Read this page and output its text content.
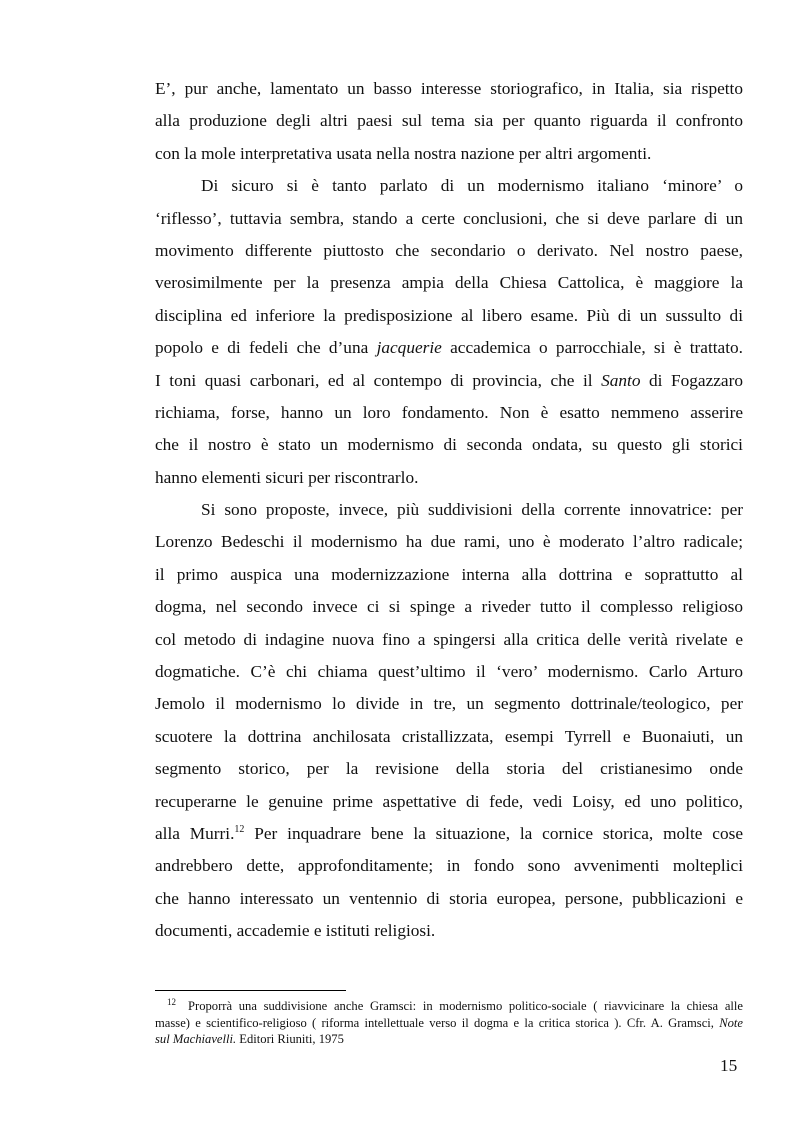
E’, pur anche, lamentato un basso interesse storiografico, in Italia, sia rispetto
alla produzione degli altri paesi sul tema sia per quanto riguarda il confronto
con la mole interpretativa usata nella nostra nazione per altri argomenti.
Di sicuro si è tanto parlato di un modernismo italiano ‘minore’ o
‘riflesso’, tuttavia sembra, stando a certe conclusioni, che si deve parlare di un
movimento differente piuttosto che secondario o derivato. Nel nostro paese,
verosimilmente per la presenza ampia della Chiesa Cattolica, è maggiore la
disciplina ed inferiore la predisposizione al libero esame. Più di un sussulto di
popolo e di fedeli che d’una jacquerie accademica o parrocchiale, si è trattato.
I toni quasi carbonari, ed al contempo di provincia, che il Santo di Fogazzaro
richiama, forse, hanno un loro fondamento. Non è esatto nemmeno asserire
che il nostro è stato un modernismo di seconda ondata, su questo gli storici
hanno elementi sicuri per riscontrarlo.
Si sono proposte, invece, più suddivisioni della corrente innovatrice: per
Lorenzo Bedeschi il modernismo ha due rami, uno è moderato l’altro radicale;
il primo auspica una modernizzazione interna alla dottrina e soprattutto al
dogma, nel secondo invece ci si spinge a riveder tutto il complesso religioso
col metodo di indagine nuova fino a spingersi alla critica delle verità rivelate e
dogmatiche. C’è chi chiama quest’ultimo il ‘vero’ modernismo. Carlo Arturo
Jemolo il modernismo lo divide in tre, un segmento dottrinale/teologico, per
scuotere la dottrina anchilosata cristallizzata, esempi Tyrrell e Buonaiuti, un
segmento storico, per la revisione della storia del cristianesimo onde
recuperarne le genuine prime aspettative di fede, vedi Loisy, ed uno politico,
alla Murri.$^{12}$ Per inquadrare bene la situazione, la cornice storica, molte cose
andrebbero dette, approfonditamente; in fondo sono avvenimenti molteplici
che hanno interessato un ventennio di storia europea, persone, pubblicazioni e
documenti, accademie e istituti religiosi.
$^{12}$ Proporrà una suddivisione anche Gramsci: in modernismo politico-sociale ( riavvicinare la chiesa alle
masse) e scientifico-religioso ( riforma intellettuale verso il dogma e la critica storica ). Cfr. A. Gramsci, Note
sul Machiavelli. Editori Riuniti, 1975
15
